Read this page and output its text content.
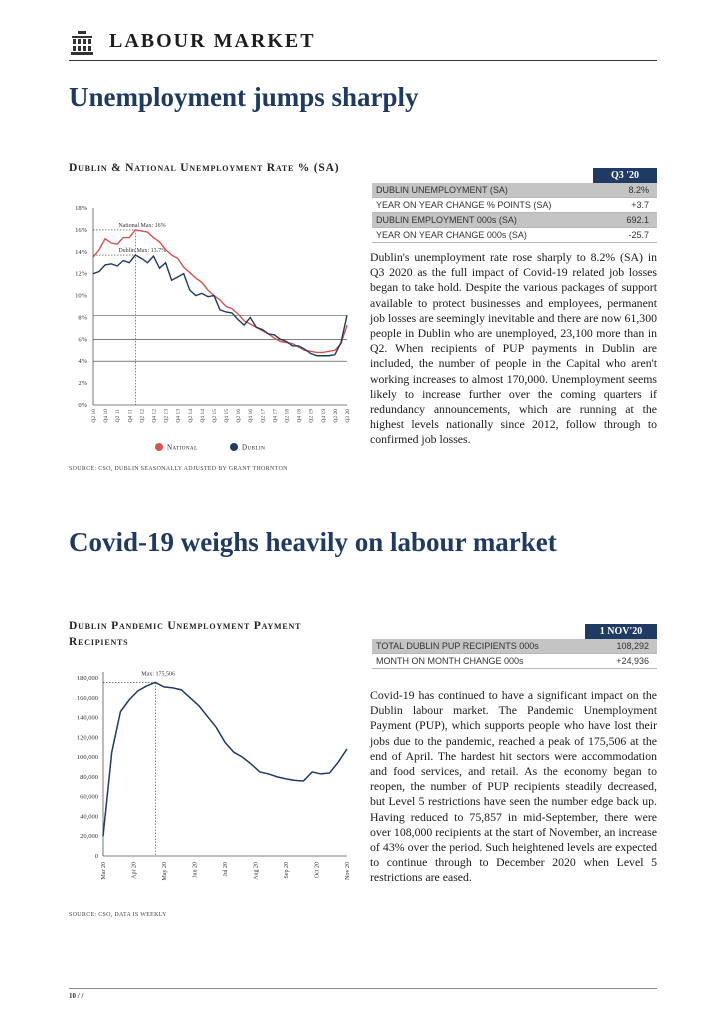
LABOUR MARKET
Unemployment jumps sharply
Dublin & National Unemployment Rate % (SA)
0%
2%
4%
6%
8%
10%
12%
14%
16%
18%
National Max: 16%
Dublin Max: 13.7%
Q2 10 Q4 10 Q2 11 Q4 11 Q2 12 Q4 12 Q2 13 Q4 13 Q2 14 Q4 14 Q2 15 Q4 15 Q2 16 Q4 16 Q2 17 Q4 17 Q2 18 Q4 18 Q2 19 Q4 19 Q2 20 Q3 20
National	Dublin
SOURCE: CSO, DUBLIN SEASONALLY ADJUSTED BY GRANT THORNTON
	Q3 '20
DUBLIN UNEMPLOYMENT (SA)	8.2%
YEAR ON YEAR CHANGE % POINTS (SA)	+3.7
DUBLIN EMPLOYMENT 000s (SA)	692.1
YEAR ON YEAR CHANGE 000s (SA)	-25.7
Dublin's unemployment rate rose sharply to 8.2% (SA) in Q3 2020 as the full impact of Covid-19 related job losses began to take hold. Despite the various packages of support available to protect businesses and employees, permanent job losses are seemingly inevitable and there are now 61,300 people in Dublin who are unemployed, 23,100 more than in Q2. When recipients of PUP payments in Dublin are included, the number of people in the Capital who aren't working increases to almost 170,000. Unemployment seems likely to increase further over the coming quarters if redundancy announcements, which are running at the highest levels nationally since 2012, follow through to confirmed job losses.
Covid-19 weighs heavily on labour market
Dublin Pandemic Unemployment Payment Recipients
0
20,000
40,000
60,000
80,000
100,000
120,000
140,000
160,000
180,000
Max: 175,506
Mar 20	Apr 20	May 20	Jun 20	Jul 20	Aug 20	Sep 20	Oct 20	Nov 20
SOURCE: CSO, DATA IS WEEKLY
	1 NOV'20
TOTAL DUBLIN PUP RECIPIENTS 000s	108,292
MONTH ON MONTH CHANGE 000s	+24,936
Covid-19 has continued to have a significant impact on the Dublin labour market. The Pandemic Unemployment Payment (PUP), which supports people who have lost their jobs due to the pandemic, reached a peak of 175,506 at the end of April. The hardest hit sectors were accommodation and food services, and retail. As the economy began to reopen, the number of PUP recipients steadily decreased, but Level 5 restrictions have seen the number edge back up. Having reduced to 75,857 in mid-September, there were over 108,000 recipients at the start of November, an increase of 43% over the period. Such heightened levels are expected to continue through to December 2020 when Level 5 restrictions are eased.
10 / /
